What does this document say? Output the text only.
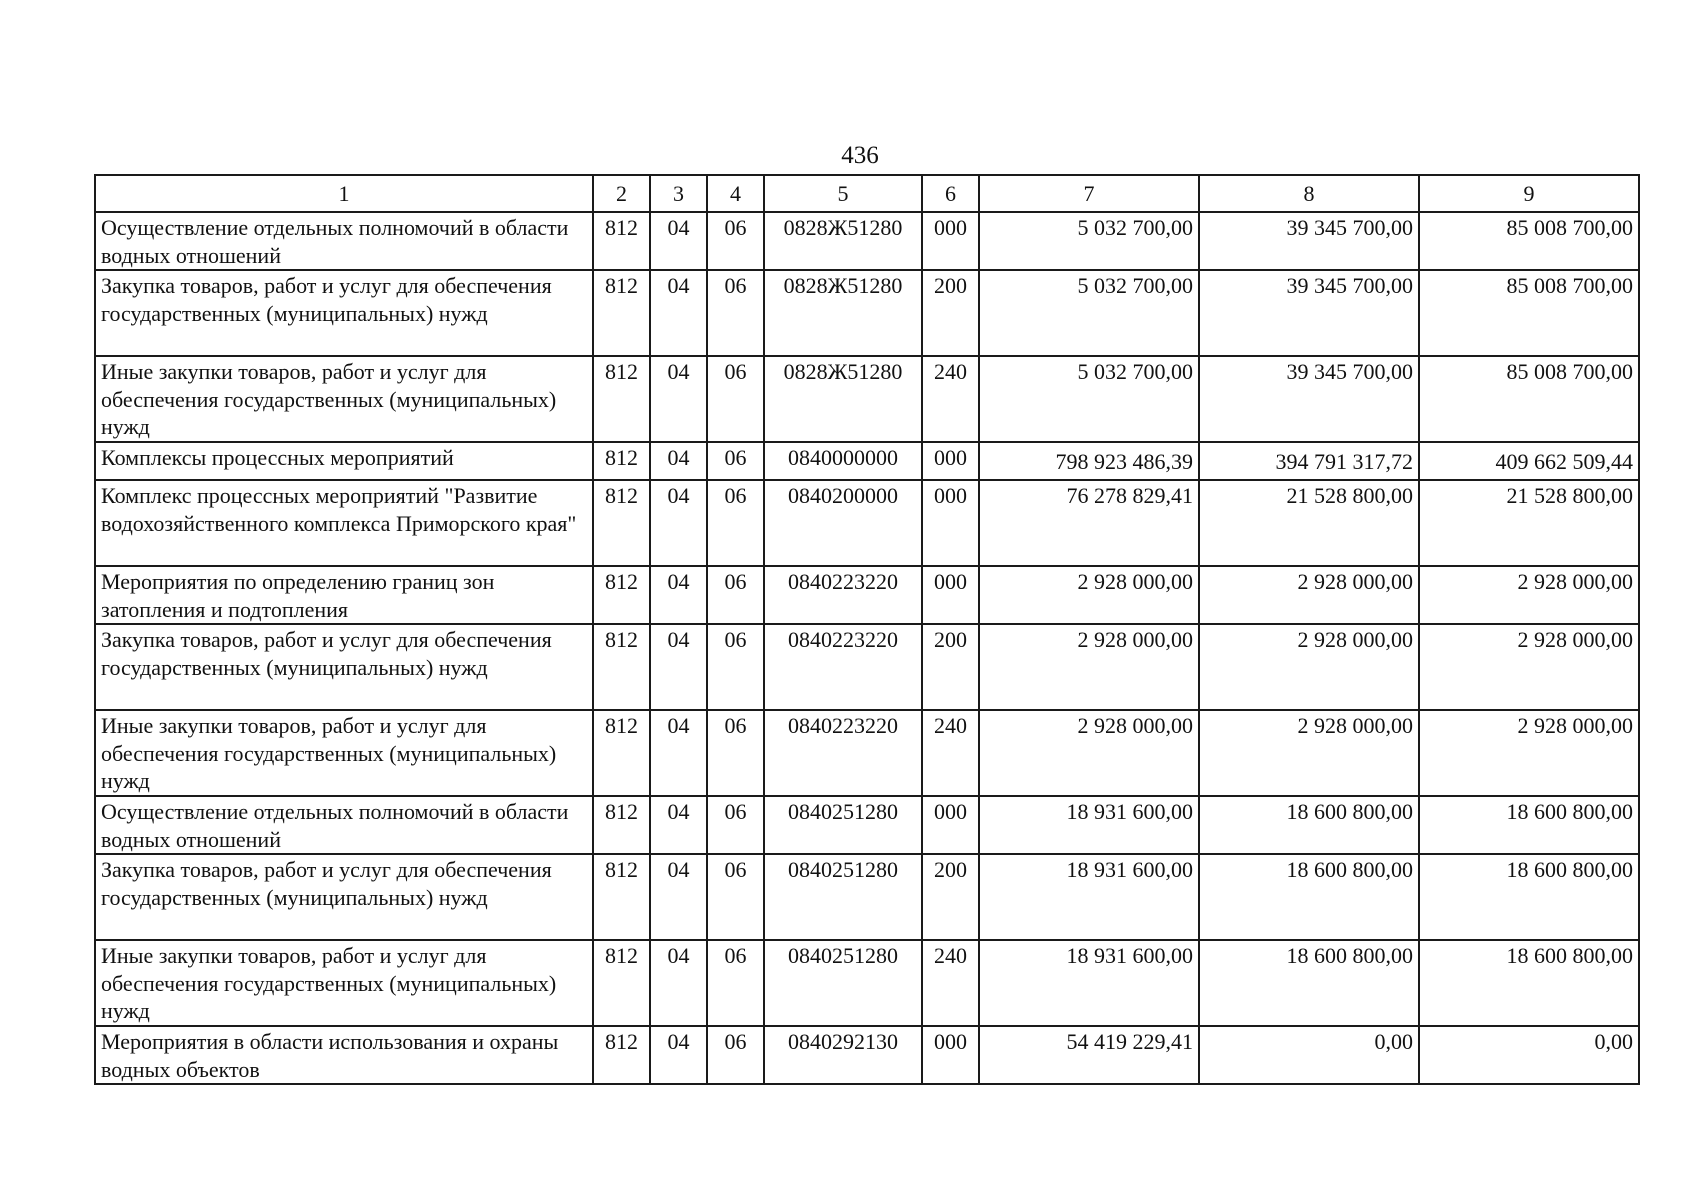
436
1	2	3	4	5	6	7	8	9
Осуществление отдельных полномочий в области водных отношений	812	04	06	0828Ж51280	000	5 032 700,00	39 345 700,00	85 008 700,00
Закупка товаров, работ и услуг для обеспечения государственных (муниципальных) нужд	812	04	06	0828Ж51280	200	5 032 700,00	39 345 700,00	85 008 700,00
Иные закупки товаров, работ и услуг для обеспечения государственных (муниципальных) нужд	812	04	06	0828Ж51280	240	5 032 700,00	39 345 700,00	85 008 700,00
Комплексы процессных мероприятий	812	04	06	0840000000	000	798 923 486,39	394 791 317,72	409 662 509,44
Комплекс процессных мероприятий "Развитие водохозяйственного комплекса Приморского края"	812	04	06	0840200000	000	76 278 829,41	21 528 800,00	21 528 800,00
Мероприятия по определению границ зон затопления и подтопления	812	04	06	0840223220	000	2 928 000,00	2 928 000,00	2 928 000,00
Закупка товаров, работ и услуг для обеспечения государственных (муниципальных) нужд	812	04	06	0840223220	200	2 928 000,00	2 928 000,00	2 928 000,00
Иные закупки товаров, работ и услуг для обеспечения государственных (муниципальных) нужд	812	04	06	0840223220	240	2 928 000,00	2 928 000,00	2 928 000,00
Осуществление отдельных полномочий в области водных отношений	812	04	06	0840251280	000	18 931 600,00	18 600 800,00	18 600 800,00
Закупка товаров, работ и услуг для обеспечения государственных (муниципальных) нужд	812	04	06	0840251280	200	18 931 600,00	18 600 800,00	18 600 800,00
Иные закупки товаров, работ и услуг для обеспечения государственных (муниципальных) нужд	812	04	06	0840251280	240	18 931 600,00	18 600 800,00	18 600 800,00
Мероприятия в области использования и охраны водных объектов	812	04	06	0840292130	000	54 419 229,41	0,00	0,00
